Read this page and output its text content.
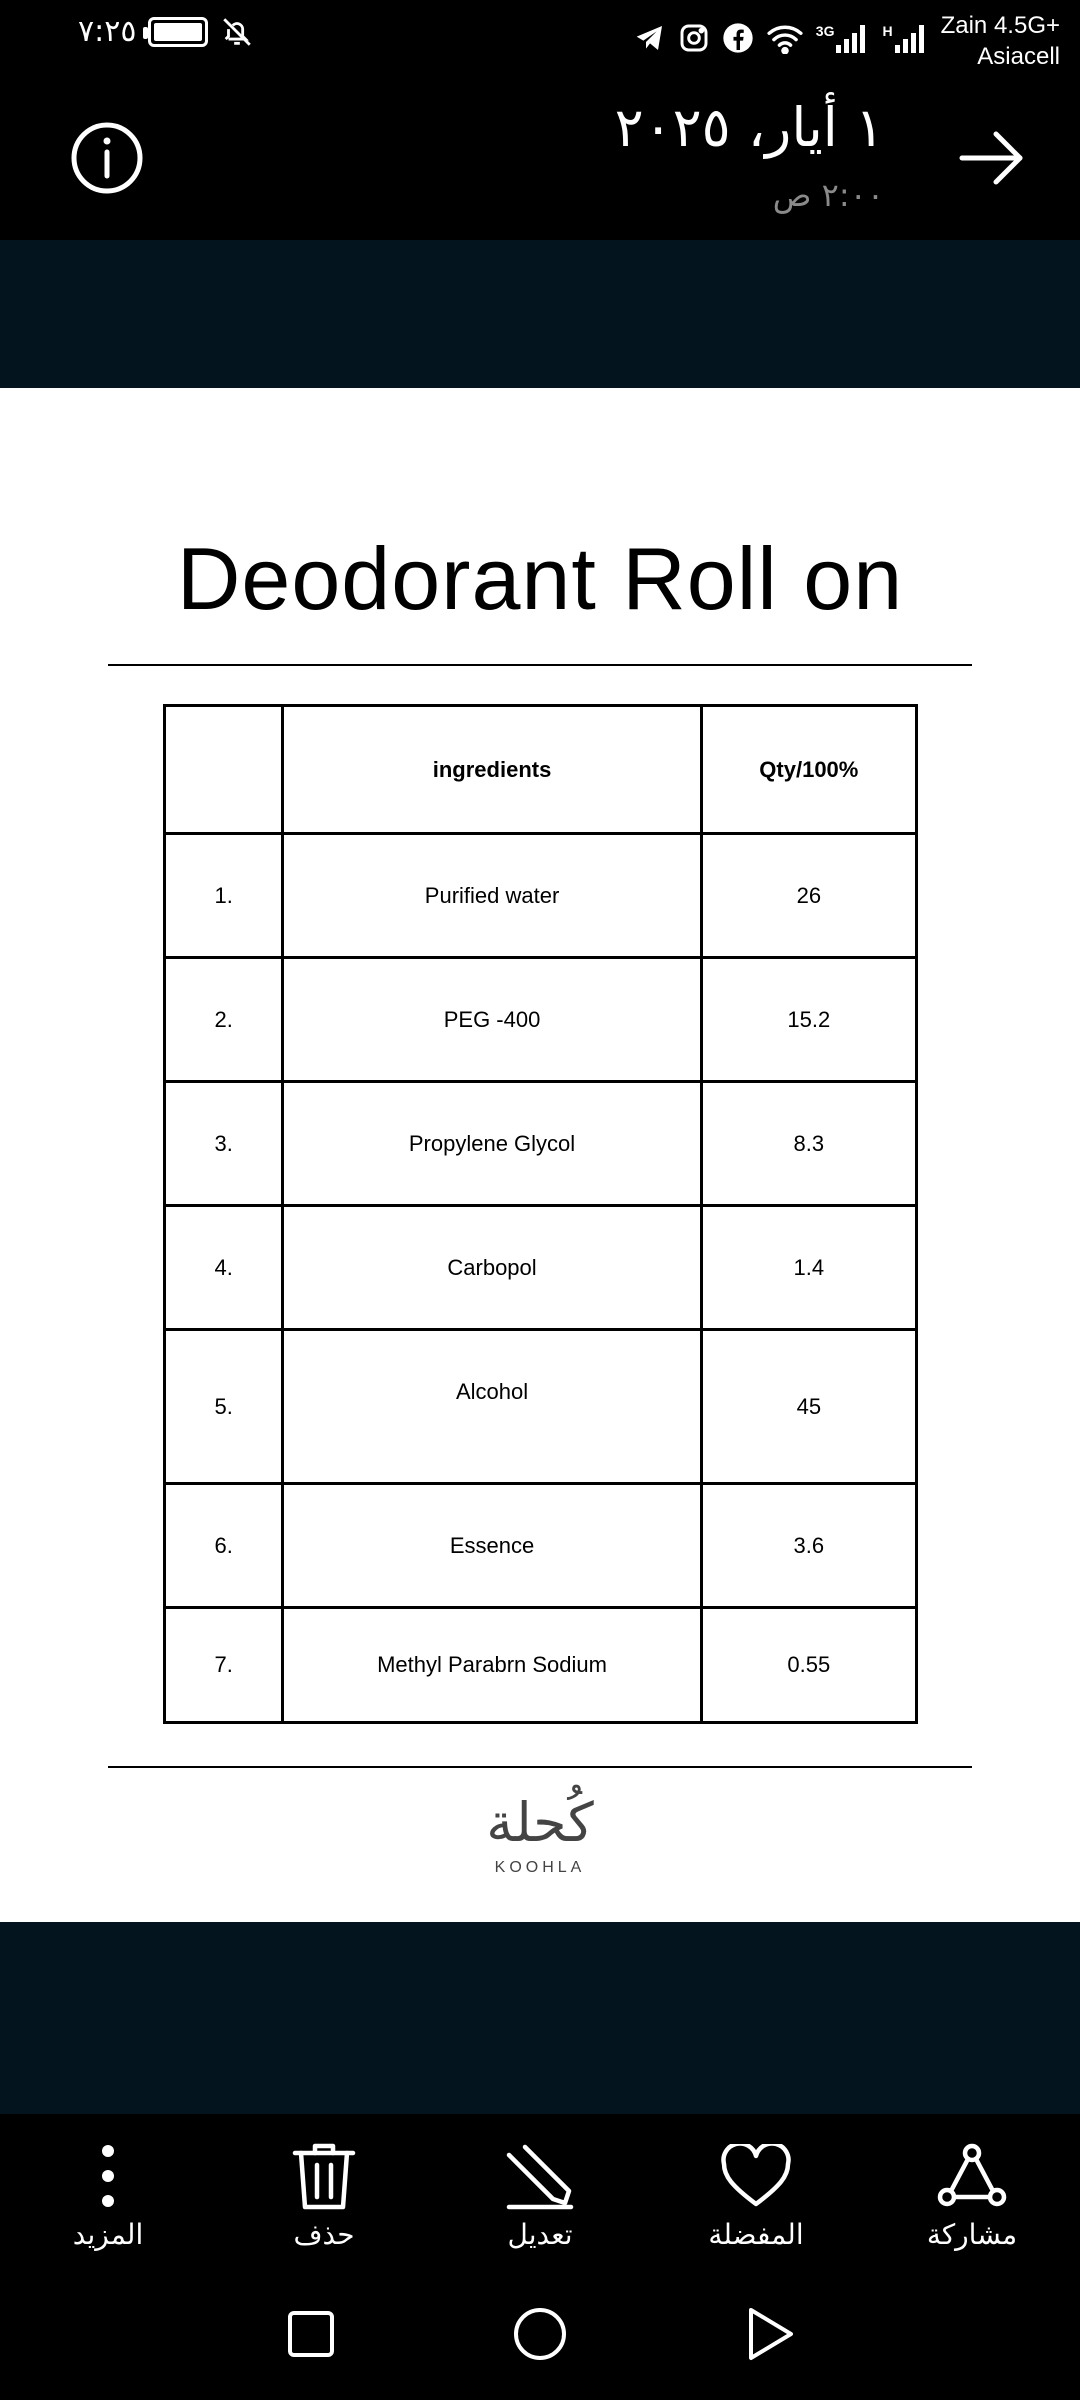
٧:٢٥	3G	H Zain 4.5G+
Asiacell
١ أيار، ٢٠٢٥
٢:٠٠ ص
Deodorant Roll on
	ingredients	Qty/100%
1.	Purified water	26
2.	PEG -400	15.2
3.	Propylene Glycol	8.3
4.	Carbopol	1.4
5.	Alcohol	45
6.	Essence	3.6
7.	Methyl Parabrn Sodium	0.55
كُحلة
KOOHLA
المزيد	حذف	تعديل	المفضلة	مشاركة
